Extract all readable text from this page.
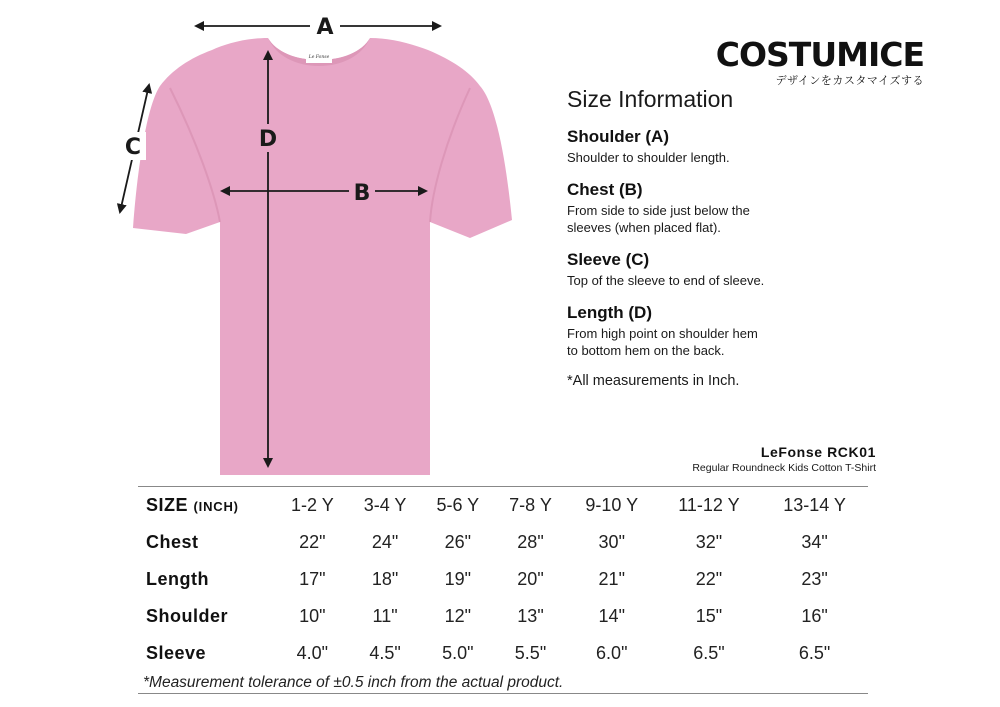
Le Fonse
A
C	D
B
COSTUMICE
デザインをカスタマイズする
Size Information
Shoulder (A)
Shoulder to shoulder length.
Chest (B)
From side to side just below the
sleeves (when placed flat).
Sleeve (C)
Top of the sleeve to end of sleeve.
Length (D)
From high point on shoulder hem
to bottom hem on the back.
*All measurements in Inch.
LeFonse RCK01
Regular Roundneck Kids Cotton T-Shirt
SIZE (INCH)	1-2 Y	3-4 Y	5-6 Y	7-8 Y	9-10 Y	11-12 Y	13-14 Y
Chest	22"	24"	26"	28"	30"	32"	34"
Length	17"	18"	19"	20"	21"	22"	23"
Shoulder	10"	11"	12"	13"	14"	15"	16"
Sleeve	4.0"	4.5"	5.0"	5.5"	6.0"	6.5"	6.5"
*Measurement tolerance of ±0.5 inch from the actual product.
